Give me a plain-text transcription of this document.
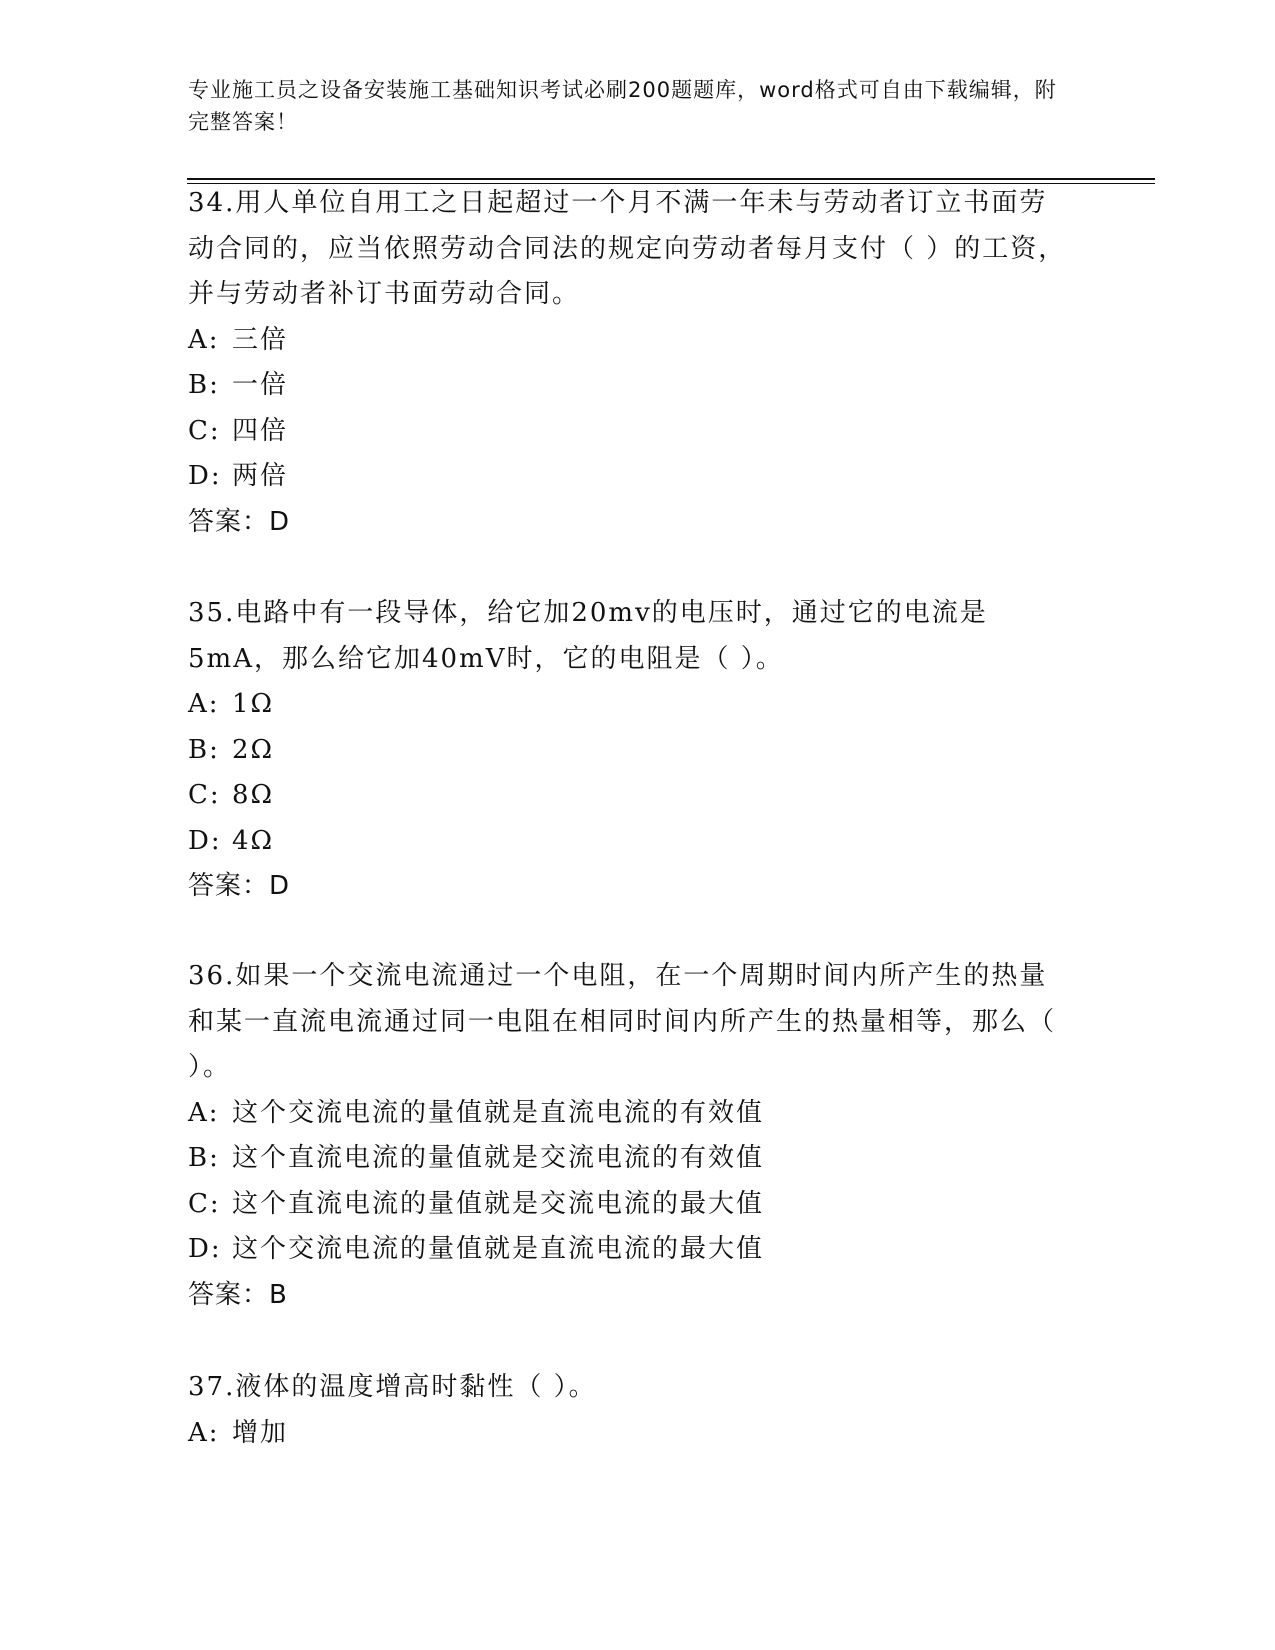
专业施工员之设备安装施工基础知识考试必刷200题题库，word格式可自由下载编辑，附完整答案！

34.用人单位自用工之日起超过一个月不满一年未与劳动者订立书面劳动合同的，应当依照劳动合同法的规定向劳动者每月支付（ ）的工资，并与劳动者补订书面劳动合同。

A: 三倍

B: 一倍

C: 四倍

D: 两倍

答案：D

35.电路中有一段导体，给它加20mv的电压时，通过它的电流是5mA，那么给它加40mV时，它的电阻是（ ）。

A: 1Ω

B: 2Ω

C: 8Ω

D: 4Ω

答案：D

36.如果一个交流电流通过一个电阻，在一个周期时间内所产生的热量和某一直流电流通过同一电阻在相同时间内所产生的热量相等，那么（ ）。

A: 这个交流电流的量值就是直流电流的有效值

B: 这个直流电流的量值就是交流电流的有效值

C: 这个直流电流的量值就是交流电流的最大值

D: 这个交流电流的量值就是直流电流的最大值

答案：B

37.液体的温度增高时黏性（ ）。

A: 增加
